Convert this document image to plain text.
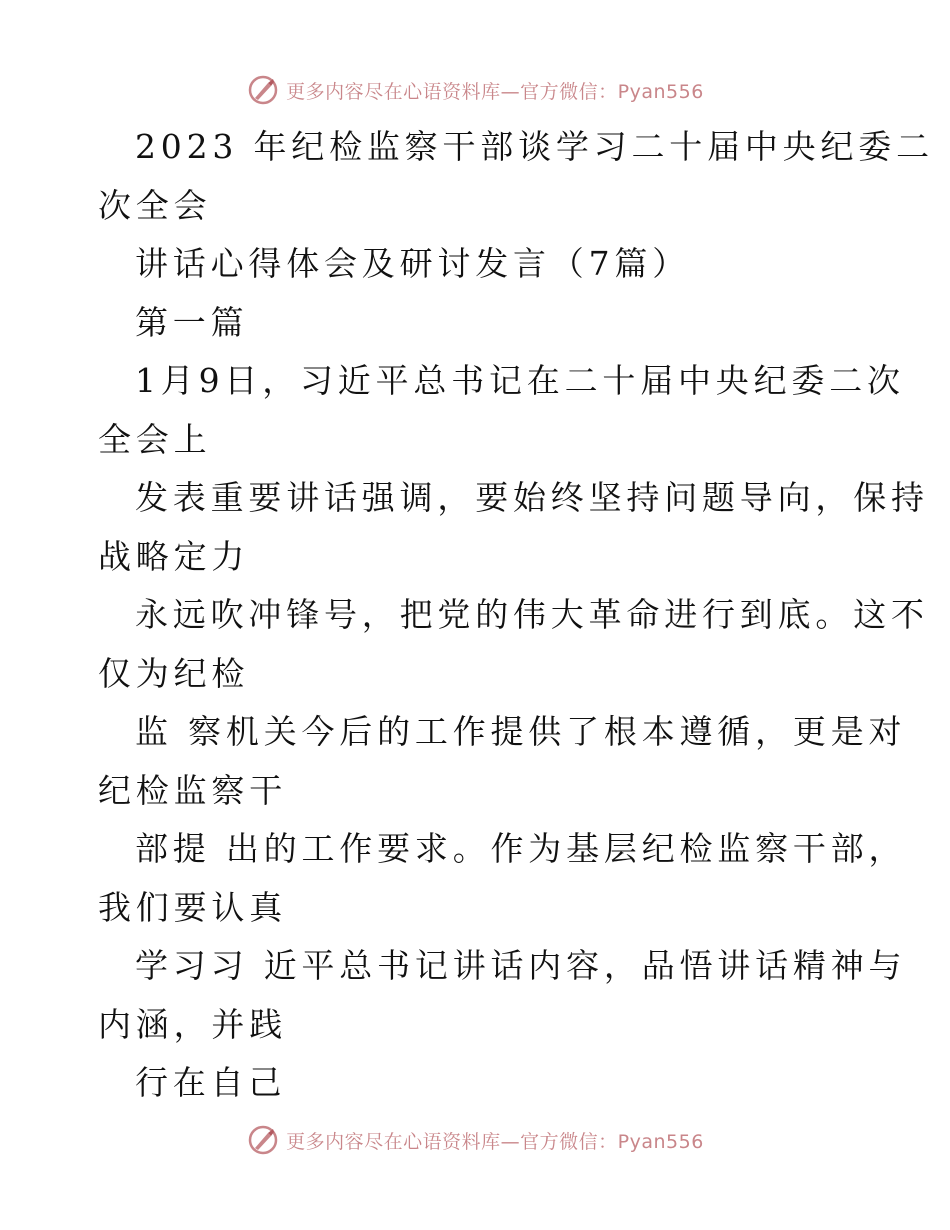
更多内容尽在心语资料库—官方微信：Pyan556
2023 年纪检监察干部谈学习二十届中央纪委二
次全会
讲话心得体会及研讨发言（7篇）
第一篇
1月9日，习近平总书记在二十届中央纪委二次
全会上
发表重要讲话强调，要始终坚持问题导向，保持
战略定力
永远吹冲锋号，把党的伟大革命进行到底。这不
仅为纪检
监 察机关今后的工作提供了根本遵循，更是对
纪检监察干
部提 出的工作要求。作为基层纪检监察干部，
我们要认真
学习习 近平总书记讲话内容，品悟讲话精神与
内涵，并践
行在自己
更多内容尽在心语资料库—官方微信：Pyan556
